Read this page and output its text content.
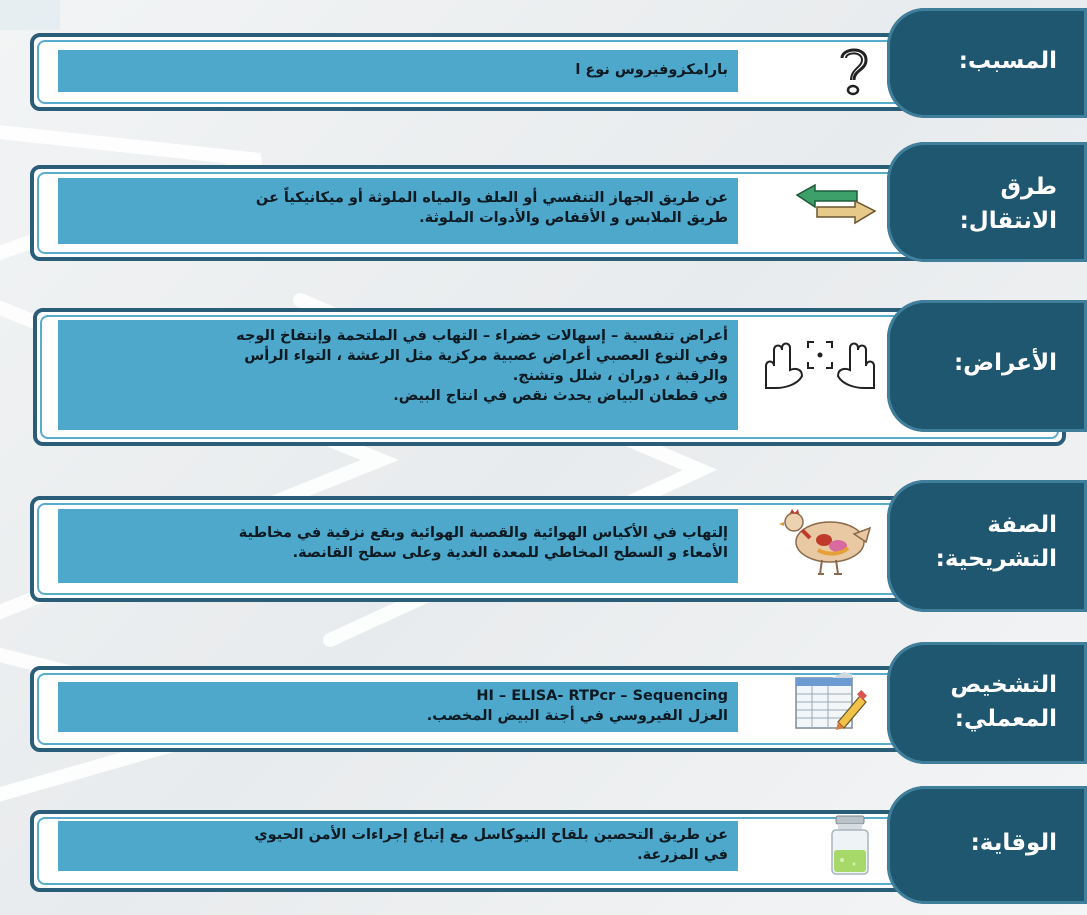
بارامكزوفيروس نوع ا	المسبب:
عن طريق الجهاز التنفسي أو العلف والمياه الملوثة أو ميكانيكياً عن
طريق الملابس و الأقفاص والأدوات الملوثة.
طرق
الانتقال:
أعراض تنفسية – إسهالات خضراء – التهاب في الملتحمة وإنتفاخ الوجه
وفي النوع العصبي أعراض عصبية مركزية مثل الرعشة ، التواء الرأس
والرقبة ، دوران ، شلل وتشنج.
في قطعان البياض يحدث نقص في انتاج البيض.
الأعراض:
إلتهاب في الأكياس الهوائية والقصبة الهوائية وبقع نزفية في مخاطية
الأمعاء و السطح المخاطي للمعدة الغدية وعلى سطح القانصة.
الصفة
التشريحية:
HI – ELISA- RTPcr – Sequencing
العزل الفيروسي في أجنة البيض المخصب.
التشخيص
المعملي:
عن طريق التحصين بلقاح النيوكاسل مع إتباع إجراءات الأمن الحيوي
في المزرعة.	الوقاية:
